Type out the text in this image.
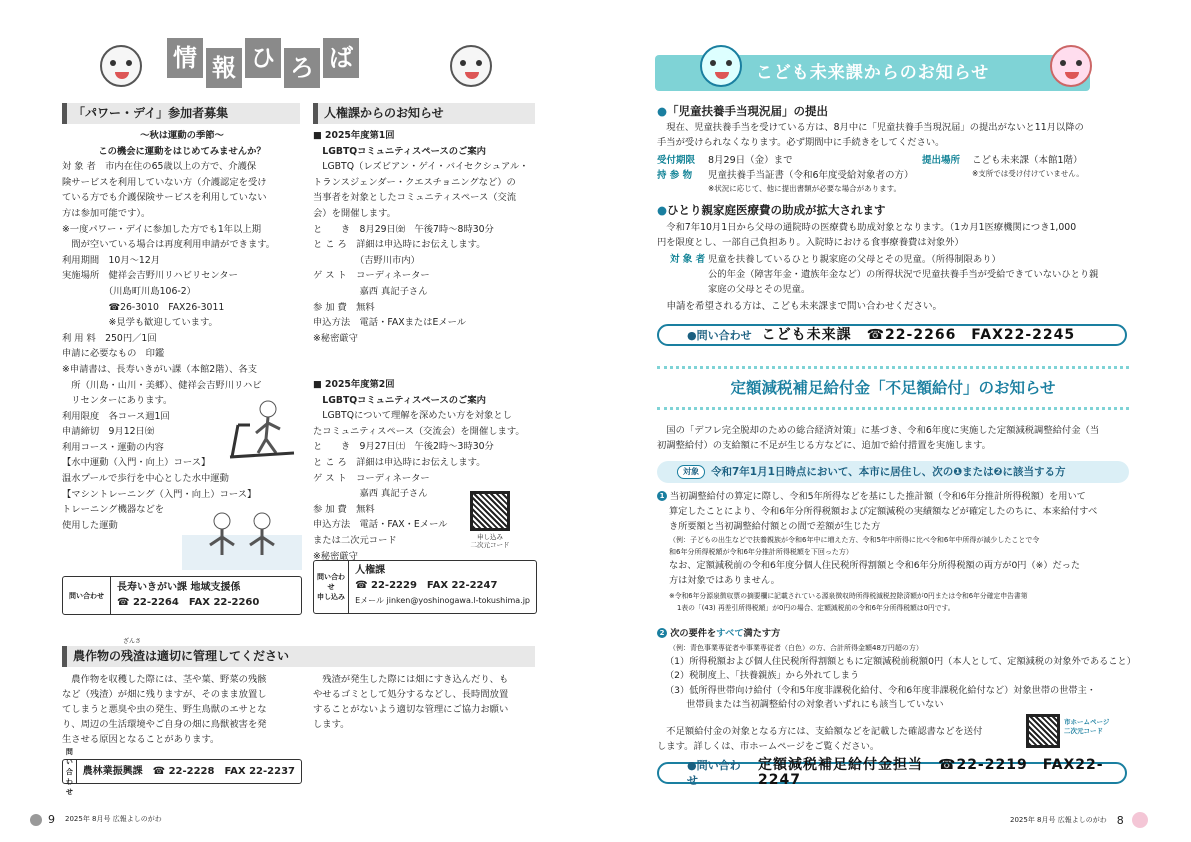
情 報 ひ ろ ば
「パワー・デイ」参加者募集
〜秋は運動の季節〜
この機会に運動をはじめてみませんか？
対 象 者　市内在住の65歳以上の方で、介護保
険サービスを利用していない方（介護認定を受け
ている方でも介護保険サービスを利用していない
方は参加可能です）。
※一度パワー・デイに参加した方でも1年以上期
　間が空いている場合は再度利用申請ができます。
利用期間　10月〜12月
実施場所　健祥会吉野川リハビリセンター
　　　　　（川島町川島106-2）
　　　　　☎26-3010　FAX26-3011
　　　　　※見学も歓迎しています。
利 用 料　250円／1回
申請に必要なもの　印鑑
※申請書は、長寿いきがい課（本館2階）、各支
　所（川島・山川・美郷）、健祥会吉野川リハビ
　リセンターにあります。
利用限度　各コース週1回
申請締切　9月12日㈮
利用コース・運動の内容
【水中運動（入門・向上）コース】
温水プールで歩行を中心とした水中運動
【マシントレーニング（入門・向上）コース】
トレーニング機器などを
使用した運動
問い合わせ
長寿いきがい課 地域支援係
☎ 22-2264　FAX 22-2260
人権課からのお知らせ
■ 2025年度第1回
　LGBTQコミュニティスペースのご案内
　LGBTQ（レズビアン・ゲイ・バイセクシュアル・
トランスジェンダー・クエスチョニングなど）の
当事者を対象としたコミュニティスペース（交流
会）を開催します。
と　　き　8月29日㈮　午後7時〜8時30分
と こ ろ　詳細は申込時にお伝えします。
　　　　　（吉野川市内）
ゲ ス ト　コーディネーター
　　　　　嘉西 真記子さん
参 加 費　無料
申込方法　電話・FAXまたはEメール
※秘密厳守
■ 2025年度第2回
　LGBTQコミュニティスペースのご案内
　LGBTQについて理解を深めたい方を対象とし
たコミュニティスペース（交流会）を開催します。
と　　き　9月27日㈯　午後2時〜3時30分
と こ ろ　詳細は申込時にお伝えします。
ゲ ス ト　コーディネーター
　　　　　嘉西 真記子さん
参 加 費　無料
申込方法　電話・FAX・Eメール
または二次元コード
※秘密厳守
申し込み
二次元コード
問い合わせ
申し込み
人権課
☎ 22-2229　FAX 22-2247
Eメール jinken@yoshinogawa.l-tokushima.jp
農作物の残渣は適切に管理してください
ざんさ
　農作物を収穫した際には、茎や葉、野菜の残骸
など（残渣）が畑に残りますが、そのまま放置し
てしまうと悪臭や虫の発生、野生鳥獣のエサとな
り、周辺の生活環境やご自身の畑に鳥獣被害を発
生させる原因となることがあります。
　残渣が発生した際には畑にすき込んだり、も
やせるゴミとして処分するなどし、長時間放置
することがないよう適切な管理にご協力お願い
します。
問い合わせ
農林業振興課　☎ 22-2228　FAX 22-2237
こども未来課からのお知らせ
●「児童扶養手当現況届」の提出
　現在、児童扶養手当を受けている方は、8月中に「児童扶養手当現況届」の提出がないと11月以降の
手当が受けられなくなります。必ず期間中に手続きをしてください。
受付期限 8月29日（金）まで	提出場所 こども未来課（本館1階）
※支所では受け付けていません。
持 参 物 児童扶養手当証書（令和6年度受給対象者の方）
※状況に応じて、他に提出書類が必要な場合があります。
●ひとり親家庭医療費の助成が拡大されます
　令和7年10月1日から父母の通院時の医療費も助成対象となります。（1カ月1医療機関につき1,000
円を限度とし、一部自己負担あり。入院時における食事療養費は対象外）
対 象 者 児童を扶養しているひとり親家庭の父母とその児童。（所得制限あり）
公的年金（障害年金・遺族年金など）の所得状況で児童扶養手当が受給できていないひとり親
家庭の父母とその児童。
　申請を希望される方は、こども未来課まで問い合わせください。
●問い合わせ こども未来課　☎22-2266　FAX22-2245
定額減税補足給付金「不足額給付」のお知らせ
　国の「デフレ完全脱却のための総合経済対策」に基づき、令和6年度に実施した定額減税調整給付金（当
初調整給付）の支給額に不足が生じる方などに、追加で給付措置を実施します。
対象	令和7年1月1日時点において、本市に居住し、次の❶または❷に該当する方
1 当初調整給付の算定に際し、令和5年所得などを基にした推計額（令和6年分推計所得税額）を用いて
算定したことにより、令和6年分所得税額および定額減税の実績額などが確定したのちに、本来給付すべ
き所要額と当初調整給付額との間で差額が生じた方
（例：子どもの出生などで扶養親族が令和6年中に増えた方、令和5年中所得に比べ令和6年中所得が減少したことで令
和6年分所得税額が令和6年分推計所得税額を下回った方）
なお、定額減税前の令和6年度分個人住民税所得割額と令和6年分所得税額の両方が0円（※）だった
方は対象ではありません。
※令和6年分源泉徴収票の摘要欄に記載されている源泉徴収時所得税減税控除済額が0円または令和6年分確定申告書第
1表の「(43) 再差引所得税額」が0円の場合、定額減税前の令和6年分所得税額は0円です。
2 次の要件をすべて満たす方
（例：青色事業専従者や事業専従者（白色）の方、合計所得金額48万円超の方）
（1）所得税額および個人住民税所得割額ともに定額減税前税額0円（本人として、定額減税の対象外であること）
（2）税制度上、「扶養親族」から外れてしまう
（3）低所得世帯向け給付（令和5年度非課税化給付、令和6年度非課税化給付など）対象世帯の世帯主・
　　 世帯員または当初調整給付の対象者いずれにも該当していない
　不足額給付金の対象となる方には、支給額などを記載した確認書などを送付
します。詳しくは、市ホームページをご覧ください。
市ホームページ
二次元コード
●問い合わせ
定額減税補足給付金担当　☎22-2219　FAX22-2247
9 2025年 8月号 広報よしのがわ	2025年 8月号 広報よしのがわ 8
